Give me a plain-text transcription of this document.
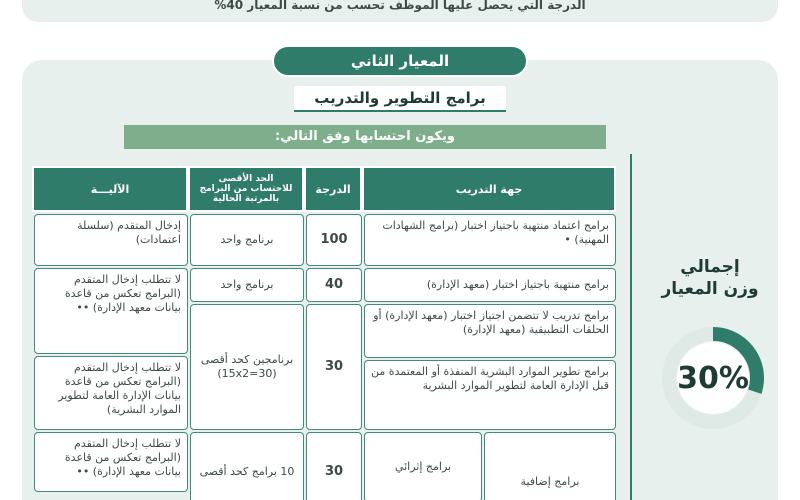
الدرجة التي يحصل عليها الموظف تحسب من نسبة المعيار 40%
المعيار الثاني
برامج التطوير والتدريب
ويكون احتسابها وفق التالي:
إجمالي
وزن المعيار
30%
جهة التدريب
الدرجة
الحد الأقصى للاحتساب من البرامج بالمرتبة الحالية
الآليـــة
برامج اعتماد منتهية باجتياز اختبار (برامج الشهادات المهنية) •
100
برنامج واحد
إدخال المتقدم (سلسلة اعتمادات)
برامج منتهية باجتياز اختبار (معهد الإدارة)
40
برنامج واحد
لا تتطلب إدخال المتقدم (البرامج تعكس من قاعدة بيانات معهد الإدارة) ••
برامج تدريب لا تتضمن اجتياز اختبار (معهد الإدارة) أو الحلقات التطبيقية (معهد الإدارة)
30
برنامجين كحد أقصى (15x2=30)	برامج تطوير الموارد البشرية المنفذة أو المعتمدة من قبل الإدارة العامة لتطوير الموارد البشرية
لا تتطلب إدخال المتقدم (البرامج تعكس من قاعدة بيانات الإدارة العامة لتطوير الموارد البشرية)
برامج إضافية
برامج إثرائي
30
10 برامج كحد أقصى
لا تتطلب إدخال المتقدم (البرامج تعكس من قاعدة بيانات معهد الإدارة) ••
